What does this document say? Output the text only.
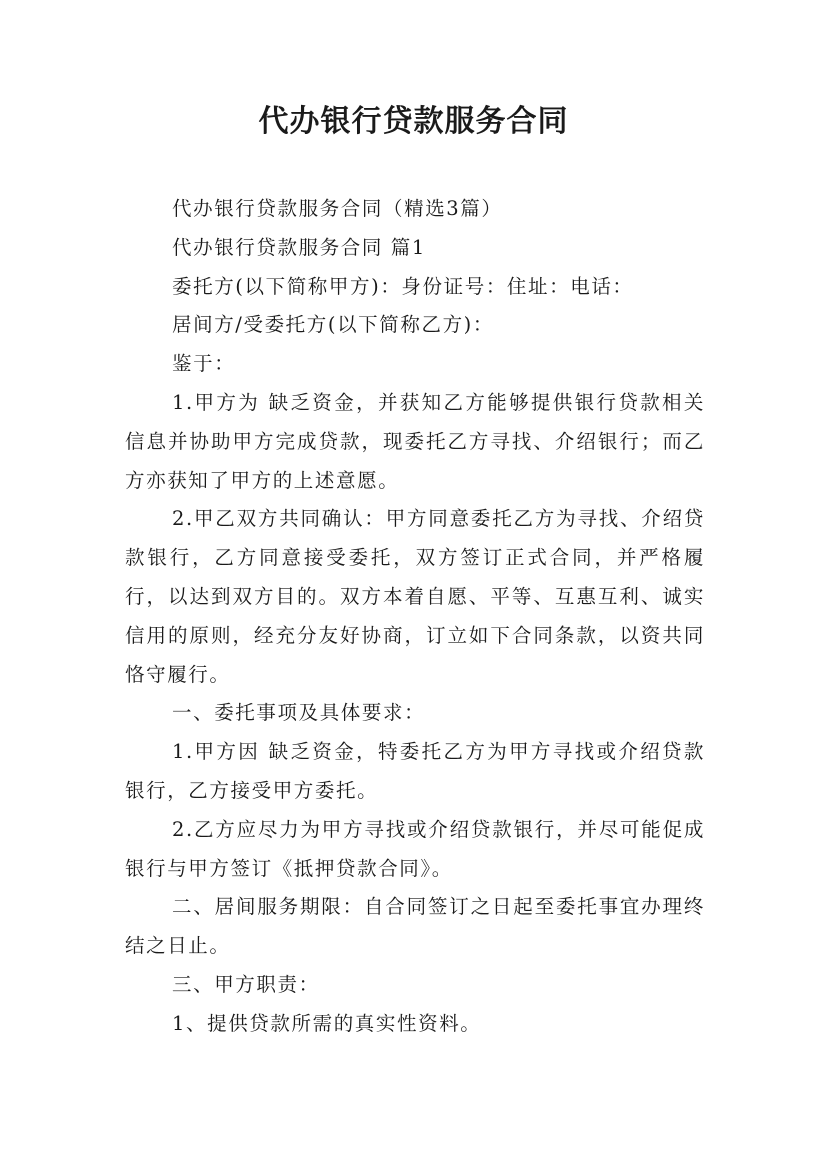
代办银行贷款服务合同

代办银行贷款服务合同（精选3篇）

代办银行贷款服务合同 篇1

委托方(以下简称甲方)：身份证号：住址：电话：

居间方/受委托方(以下简称乙方)：

鉴于：

1.甲方为 缺乏资金，并获知乙方能够提供银行贷款相关信息并协助甲方完成贷款，现委托乙方寻找、介绍银行；而乙方亦获知了甲方的上述意愿。

2.甲乙双方共同确认：甲方同意委托乙方为寻找、介绍贷款银行，乙方同意接受委托，双方签订正式合同，并严格履行，以达到双方目的。双方本着自愿、平等、互惠互利、诚实信用的原则，经充分友好协商，订立如下合同条款，以资共同恪守履行。

一、委托事项及具体要求：

1.甲方因 缺乏资金，特委托乙方为甲方寻找或介绍贷款银行，乙方接受甲方委托。

2.乙方应尽力为甲方寻找或介绍贷款银行，并尽可能促成银行与甲方签订《抵押贷款合同》。

二、居间服务期限：自合同签订之日起至委托事宜办理终结之日止。

三、甲方职责：

1、提供贷款所需的真实性资料。
